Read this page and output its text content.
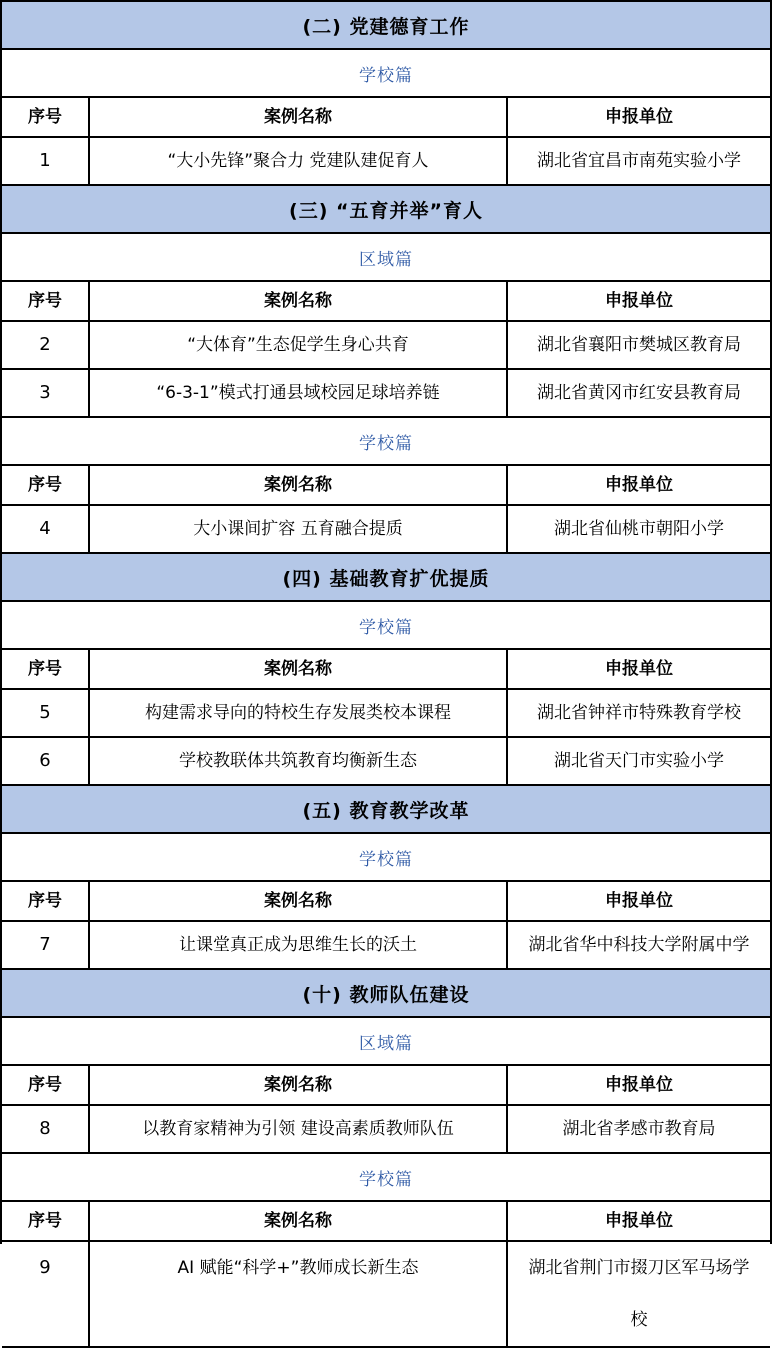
(二) 党建德育工作
学校篇
序号	案例名称	申报单位
1	“大小先锋”聚合力 党建队建促育人	湖北省宜昌市南苑实验小学
(三) “五育并举”育人
区域篇
序号	案例名称	申报单位
2	“大体育”生态促学生身心共育	湖北省襄阳市樊城区教育局
3	“6-3-1”模式打通县域校园足球培养链	湖北省黄冈市红安县教育局
学校篇
序号	案例名称	申报单位
4	大小课间扩容 五育融合提质	湖北省仙桃市朝阳小学
(四) 基础教育扩优提质
学校篇
序号	案例名称	申报单位
5	构建需求导向的特校生存发展类校本课程	湖北省钟祥市特殊教育学校
6	学校教联体共筑教育均衡新生态	湖北省天门市实验小学
(五) 教育教学改革
学校篇
序号	案例名称	申报单位
7	让课堂真正成为思维生长的沃土	湖北省华中科技大学附属中学
(十) 教师队伍建设
区域篇
序号	案例名称	申报单位
8	以教育家精神为引领 建设高素质教师队伍	湖北省孝感市教育局
学校篇
序号	案例名称	申报单位
9	AI 赋能“科学+”教师成长新生态	湖北省荆门市掇刀区军马场学校
